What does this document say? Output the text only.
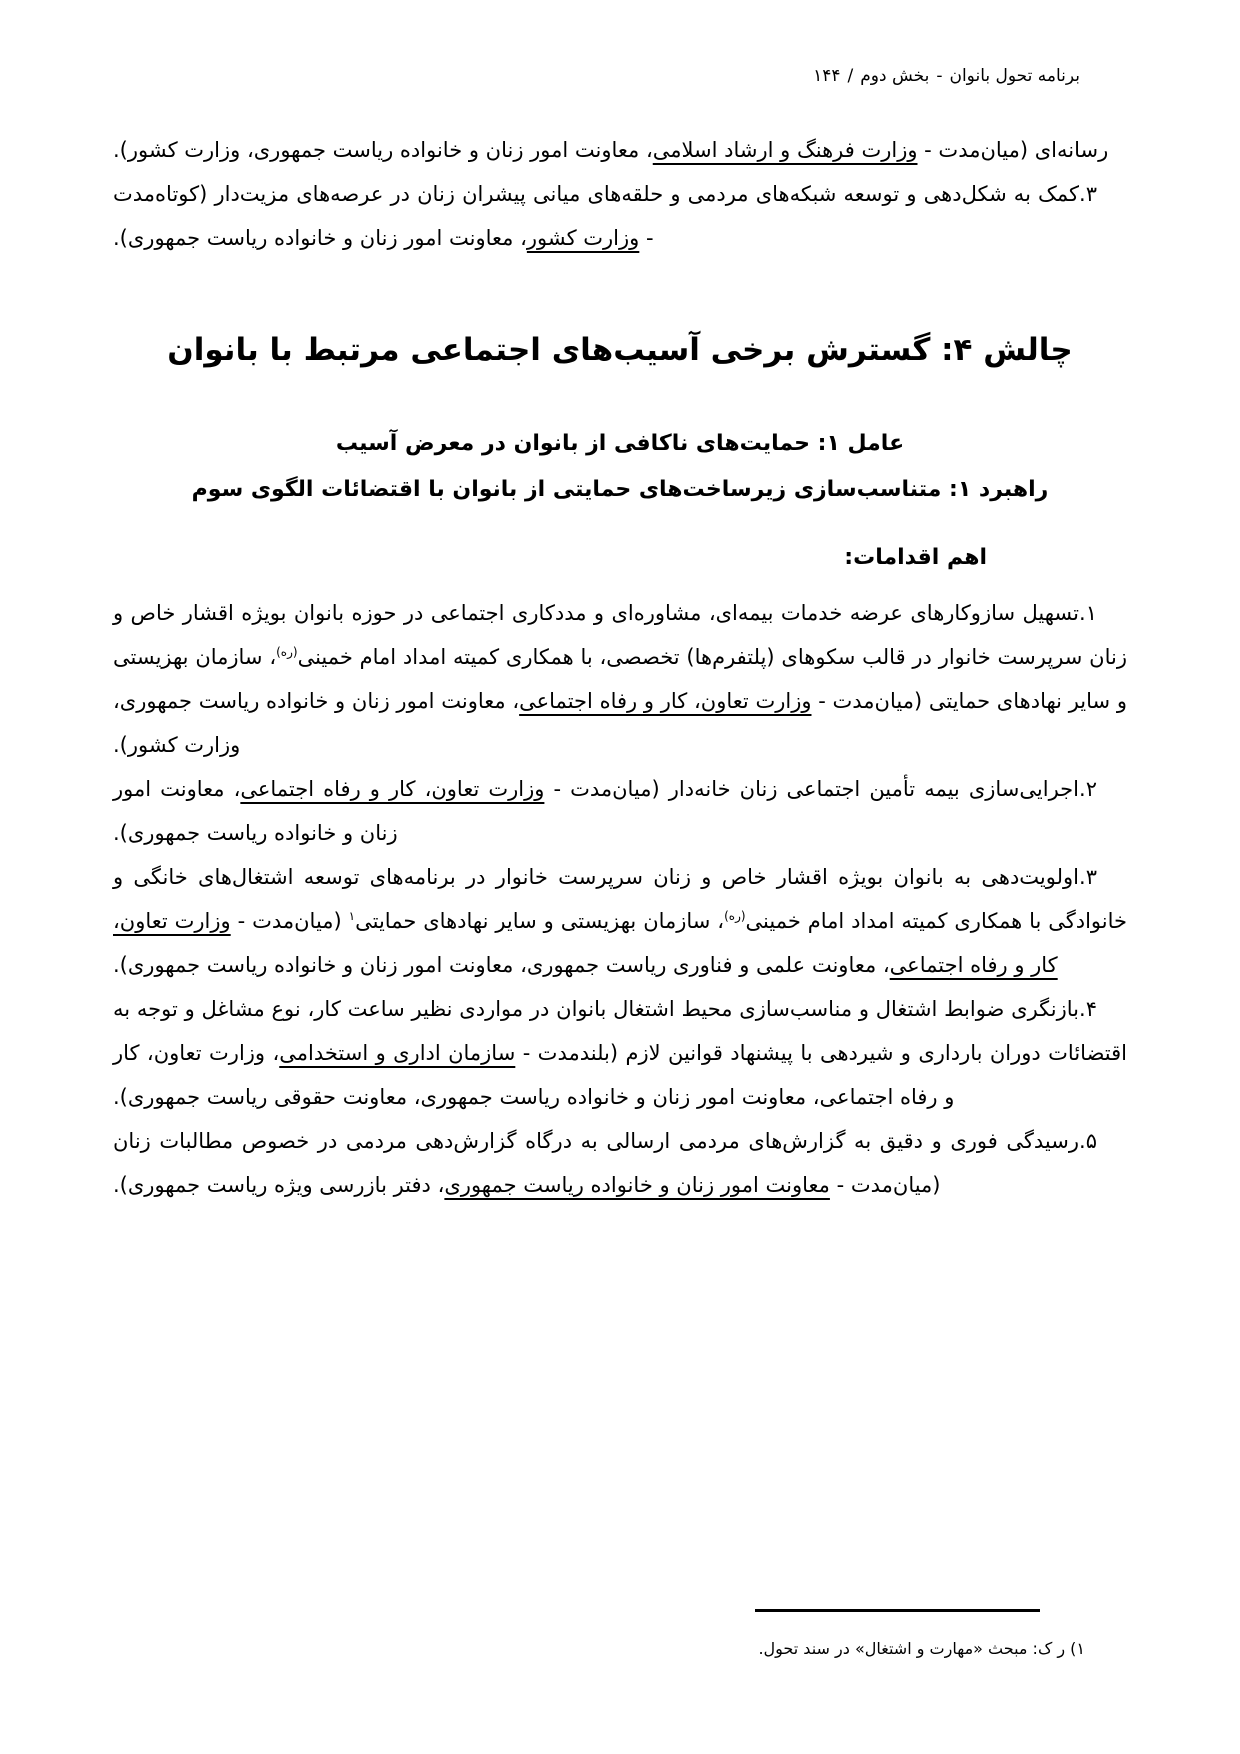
۱۴۴ / بخش دوم - برنامه تحول بانوان
رسانه‌ای (میان‌مدت - وزارت فرهنگ و ارشاد اسلامی، معاونت امور زنان و خانواده ریاست جمهوری، وزارت کشور).
۳.کمک به شکل‌دهی و توسعه شبکه‌های مردمی و حلقه‌های میانی پیشران زنان در عرصه‌های مزیت‌دار (کوتاه‌مدت - وزارت کشور، معاونت امور زنان و خانواده ریاست جمهوری).
چالش ۴: گسترش برخی آسیب‌های اجتماعی مرتبط با بانوان
عامل ۱: حمایت‌های ناکافی از بانوان در معرض آسیب
راهبرد ۱: متناسب‌سازی زیرساخت‌های حمایتی از بانوان با اقتضائات الگوی سوم
اهم اقدامات:
۱.تسهیل سازوکارهای عرضه خدمات بیمه‌ای، مشاوره‌ای و مددکاری اجتماعی در حوزه بانوان بویژه اقشار خاص و زنان سرپرست خانوار در قالب سکوهای (پلتفرم‌ها) تخصصی، با همکاری کمیته امداد امام خمینی$^{(ره)}$، سازمان بهزیستی و سایر نهادهای حمایتی (میان‌مدت - وزارت تعاون، کار و رفاه اجتماعی، معاونت امور زنان و خانواده ریاست جمهوری، وزارت کشور).
۲.اجرایی‌سازی بیمه تأمین اجتماعی زنان خانه‌دار (میان‌مدت - وزارت تعاون، کار و رفاه اجتماعی، معاونت امور زنان و خانواده ریاست جمهوری).
۳.اولویت‌دهی به بانوان بویژه اقشار خاص و زنان سرپرست خانوار در برنامه‌های توسعه اشتغال‌های خانگی و خانوادگی با همکاری کمیته امداد امام خمینی$^{(ره)}$، سازمان بهزیستی و سایر نهادهای حمایتی$^۱$ (میان‌مدت - وزارت تعاون، کار و رفاه اجتماعی، معاونت علمی و فناوری ریاست جمهوری، معاونت امور زنان و خانواده ریاست جمهوری).
۴.بازنگری ضوابط اشتغال و مناسب‌سازی محیط اشتغال بانوان در مواردی نظیر ساعت کار، نوع مشاغل و توجه به اقتضائات دوران بارداری و شیردهی با پیشنهاد قوانین لازم (بلندمدت - سازمان اداری و استخدامی، وزارت تعاون، کار و رفاه اجتماعی، معاونت امور زنان و خانواده ریاست جمهوری، معاونت حقوقی ریاست جمهوری).
۵.رسیدگی فوری و دقیق به گزارش‌های مردمی ارسالی به درگاه گزارش‌دهی مردمی در خصوص مطالبات زنان (میان‌مدت - معاونت امور زنان و خانواده ریاست جمهوری، دفتر بازرسی ویژه ریاست جمهوری).
۱) ر ک: مبحث «مهارت و اشتغال» در سند تحول.
